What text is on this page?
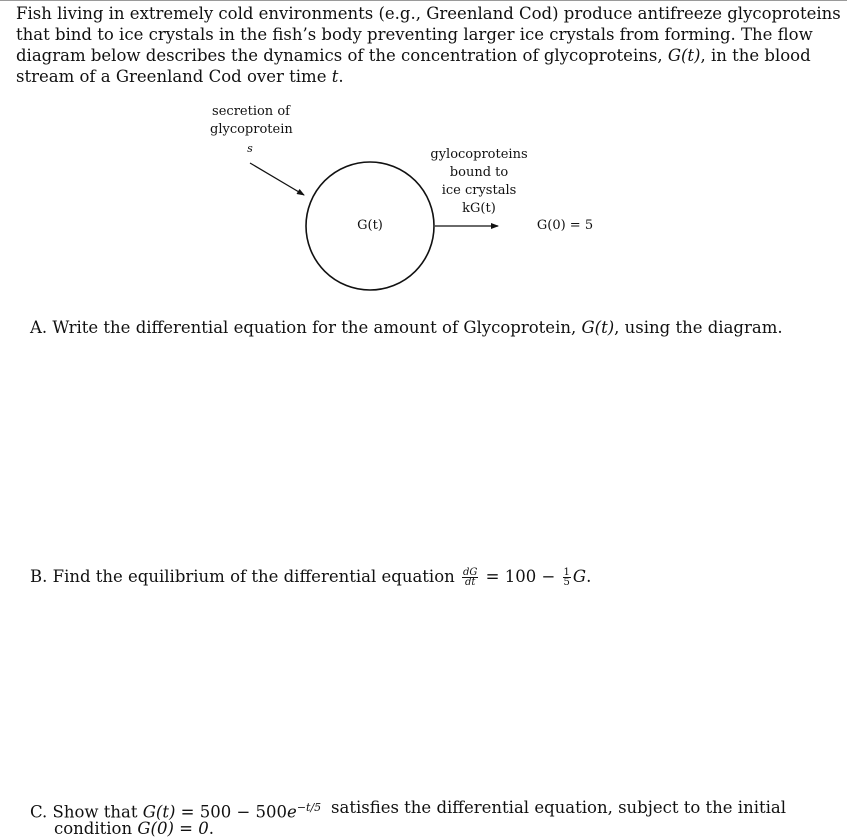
Fish living in extremely cold environments (e.g., Greenland Cod) produce antifreeze glycoproteins
that bind to ice crystals in the fish’s body preventing larger ice crystals from forming. The flow
diagram below describes the dynamics of the concentration of glycoproteins, G(t), in the blood
stream of a Greenland Cod over time t.
secretion of
glycoprotein
s
G(t)
gylocoproteins
bound to
ice crystals
kG(t)
G(0) = 5
A. Write the differential equation for the amount of Glycoprotein, G(t), using the diagram.
B. Find the equilibrium of the differential equation $\frac{dG}{dt} = 100 - \frac{1}{5} G$.
C. Show that $G(t) = 500 - 500e^{-t/5}$ satisfies the differential equation, subject to the initial
condition G(0) = 0.
